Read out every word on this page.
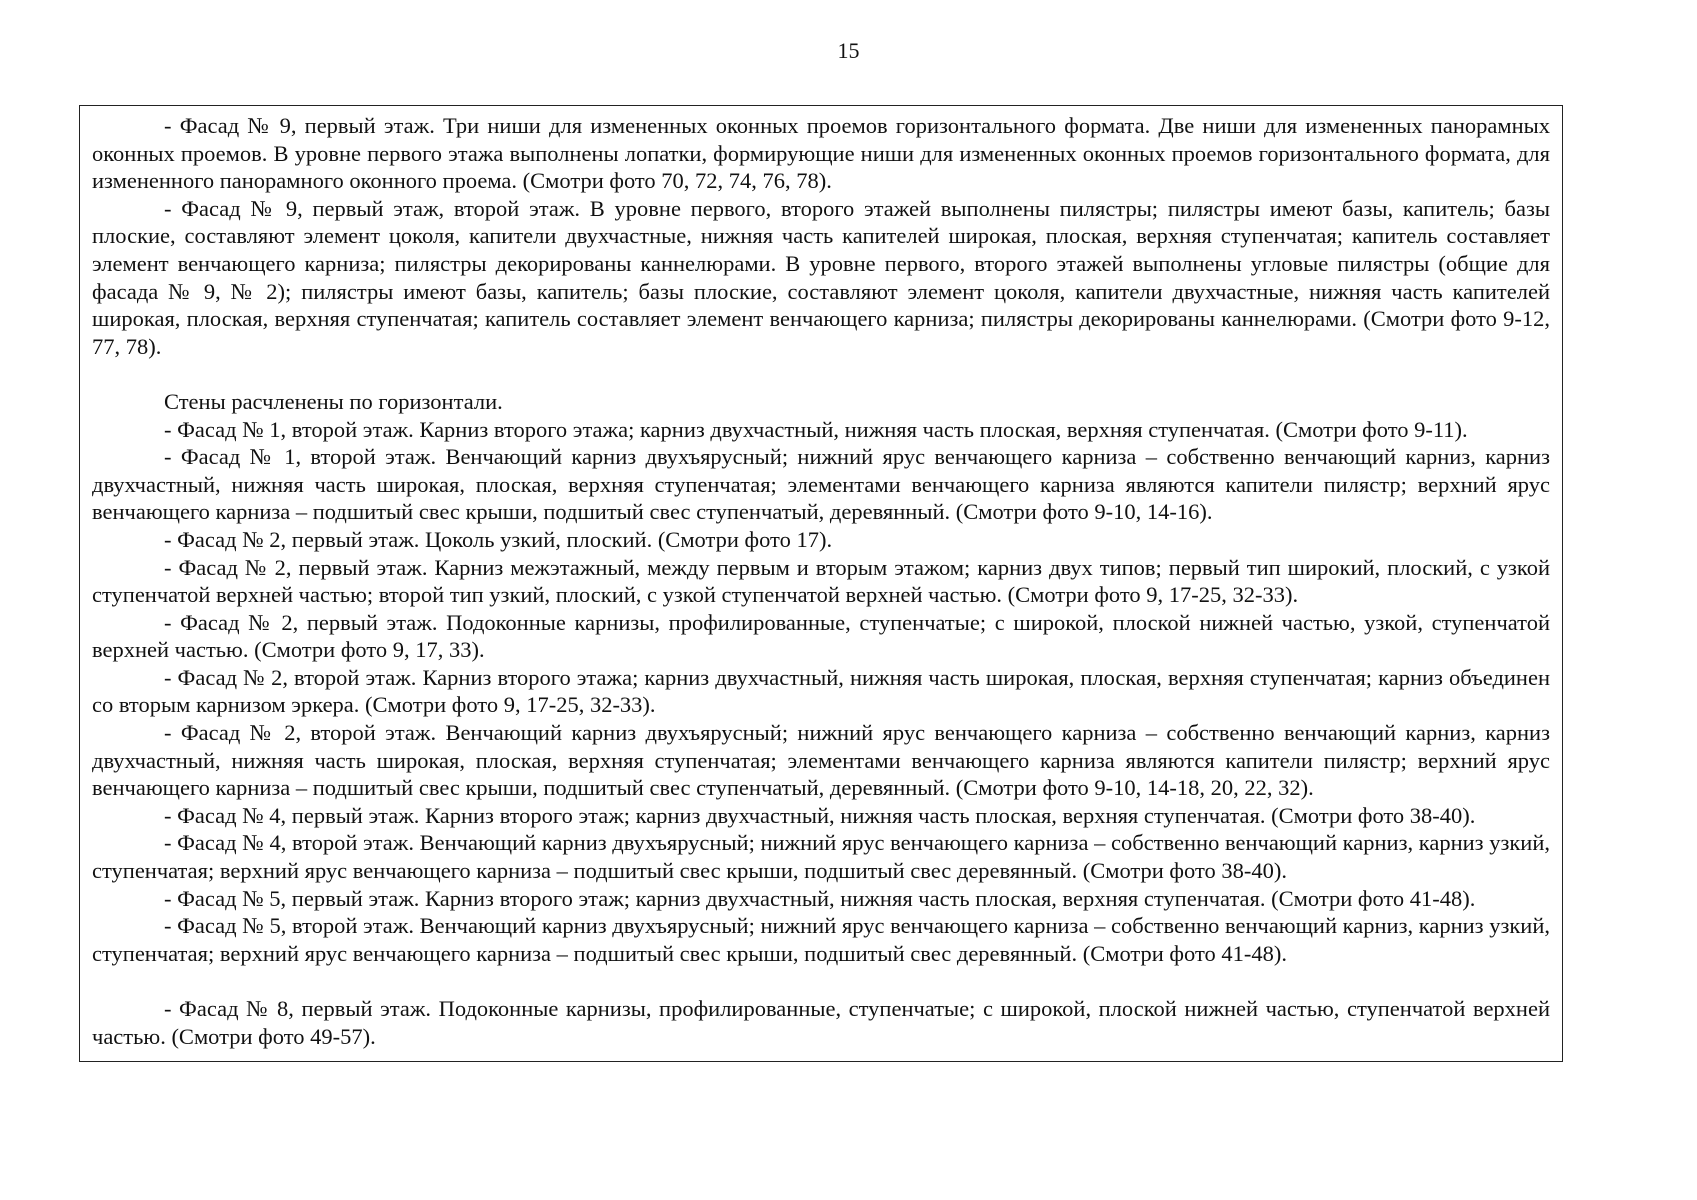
15

- Фасад № 9, первый этаж. Три ниши для измененных оконных проемов горизонтального формата. Две ниши для измененных панорамных оконных проемов. В уровне первого этажа выполнены лопатки, формирующие ниши для измененных оконных проемов горизонтального формата, для измененного панорамного оконного проема. (Смотри фото 70, 72, 74, 76, 78).

- Фасад № 9, первый этаж, второй этаж. В уровне первого, второго этажей выполнены пилястры; пилястры имеют базы, капитель; базы плоские, составляют элемент цоколя, капители двухчастные, нижняя часть капителей широкая, плоская, верхняя ступенчатая; капитель составляет элемент венчающего карниза; пилястры декорированы каннелюрами. В уровне первого, второго этажей выполнены угловые пилястры (общие для фасада № 9, № 2); пилястры имеют базы, капитель; базы плоские, составляют элемент цоколя, капители двухчастные, нижняя часть капителей широкая, плоская, верхняя ступенчатая; капитель составляет элемент венчающего карниза; пилястры декорированы каннелюрами. (Смотри фото 9-12, 77, 78).

Стены расчленены по горизонтали.

- Фасад № 1, второй этаж. Карниз второго этажа; карниз двухчастный, нижняя часть плоская, верхняя ступенчатая. (Смотри фото 9-11).

- Фасад № 1, второй этаж. Венчающий карниз двухъярусный; нижний ярус венчающего карниза – собственно венчающий карниз, карниз двухчастный, нижняя часть широкая, плоская, верхняя ступенчатая; элементами венчающего карниза являются капители пилястр; верхний ярус венчающего карниза – подшитый свес крыши, подшитый свес ступенчатый, деревянный. (Смотри фото 9-10, 14-16).

- Фасад № 2, первый этаж. Цоколь узкий, плоский. (Смотри фото 17).

- Фасад № 2, первый этаж. Карниз межэтажный, между первым и вторым этажом; карниз двух типов; первый тип широкий, плоский, с узкой ступенчатой верхней частью; второй тип узкий, плоский, с узкой ступенчатой верхней частью. (Смотри фото 9, 17-25, 32-33).

- Фасад № 2, первый этаж. Подоконные карнизы, профилированные, ступенчатые; с широкой, плоской нижней частью, узкой, ступенчатой верхней частью. (Смотри фото 9, 17, 33).

- Фасад № 2, второй этаж. Карниз второго этажа; карниз двухчастный, нижняя часть широкая, плоская, верхняя ступенчатая; карниз объединен со вторым карнизом эркера. (Смотри фото 9, 17-25, 32-33).

- Фасад № 2, второй этаж. Венчающий карниз двухъярусный; нижний ярус венчающего карниза – собственно венчающий карниз, карниз двухчастный, нижняя часть широкая, плоская, верхняя ступенчатая; элементами венчающего карниза являются капители пилястр; верхний ярус венчающего карниза – подшитый свес крыши, подшитый свес ступенчатый, деревянный. (Смотри фото 9-10, 14-18, 20, 22, 32).

- Фасад № 4, первый этаж. Карниз второго этаж; карниз двухчастный, нижняя часть плоская, верхняя ступенчатая. (Смотри фото 38-40).

- Фасад № 4, второй этаж. Венчающий карниз двухъярусный; нижний ярус венчающего карниза – собственно венчающий карниз, карниз узкий, ступенчатая; верхний ярус венчающего карниза – подшитый свес крыши, подшитый свес деревянный. (Смотри фото 38-40).

- Фасад № 5, первый этаж. Карниз второго этаж; карниз двухчастный, нижняя часть плоская, верхняя ступенчатая. (Смотри фото 41-48).

- Фасад № 5, второй этаж. Венчающий карниз двухъярусный; нижний ярус венчающего карниза – собственно венчающий карниз, карниз узкий, ступенчатая; верхний ярус венчающего карниза – подшитый свес крыши, подшитый свес деревянный. (Смотри фото 41-48).

- Фасад № 8, первый этаж. Подоконные карнизы, профилированные, ступенчатые; с широкой, плоской нижней частью, ступенчатой верхней частью. (Смотри фото 49-57).
